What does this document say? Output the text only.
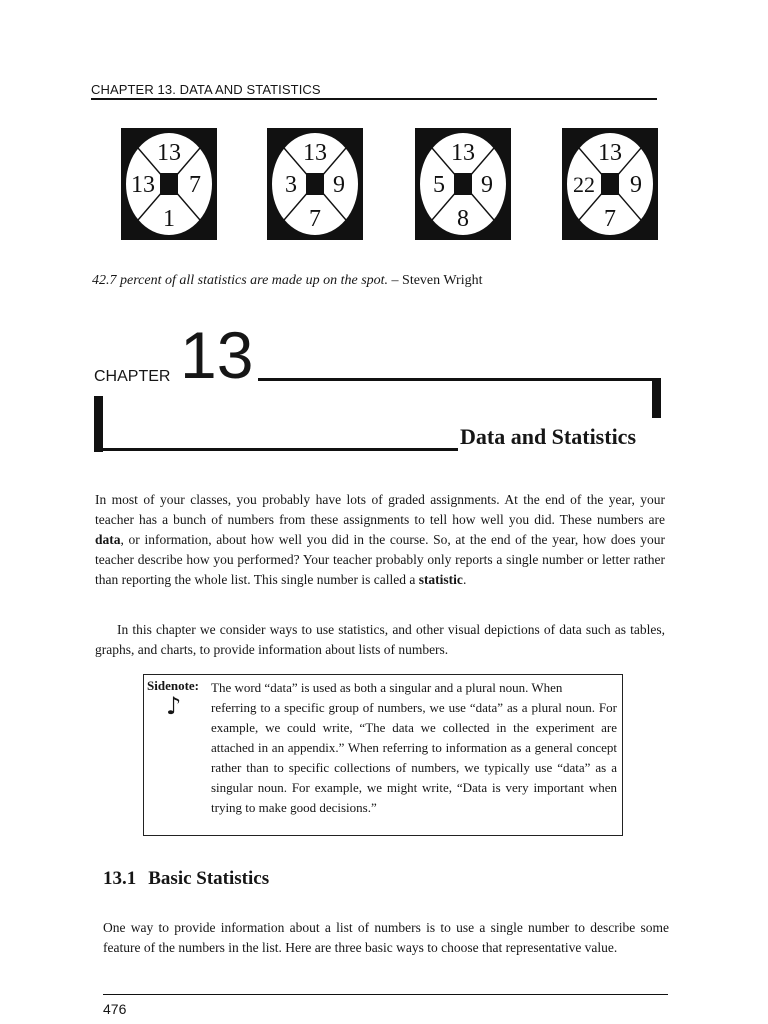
CHAPTER 13. DATA AND STATISTICS
13
13 7
1
13
3 9
7
13
5 9
8
13
22 9
7
42.7 percent of all statistics are made up on the spot. – Steven Wright
CHAPTER 13
Data and Statistics
In most of your classes, you probably have lots of graded assignments. At the end of the year, your teacher has a bunch of numbers from these assignments to tell how well you did. These numbers are data, or information, about how well you did in the course. So, at the end of the year, how does your teacher describe how you performed? Your teacher probably only reports a single number or letter rather than reporting the whole list. This single number is called a statistic.
In this chapter we consider ways to use statistics, and other visual depictions of data such as tables, graphs, and charts, to provide information about lists of numbers.
Sidenote:
♪
The word “data” is used as both a singular and a plural noun. When
referring to a specific group of numbers, we use “data” as a plural noun. For example, we could write, “The data we collected in the experiment are attached in an appendix.” When referring to information as a general concept rather than to specific collections of numbers, we typically use “data” as a singular noun. For example, we might write, “Data is very important when trying to make good decisions.”
13.1 Basic Statistics
One way to provide information about a list of numbers is to use a single number to describe some feature of the numbers in the list. Here are three basic ways to choose that representative value.
476
